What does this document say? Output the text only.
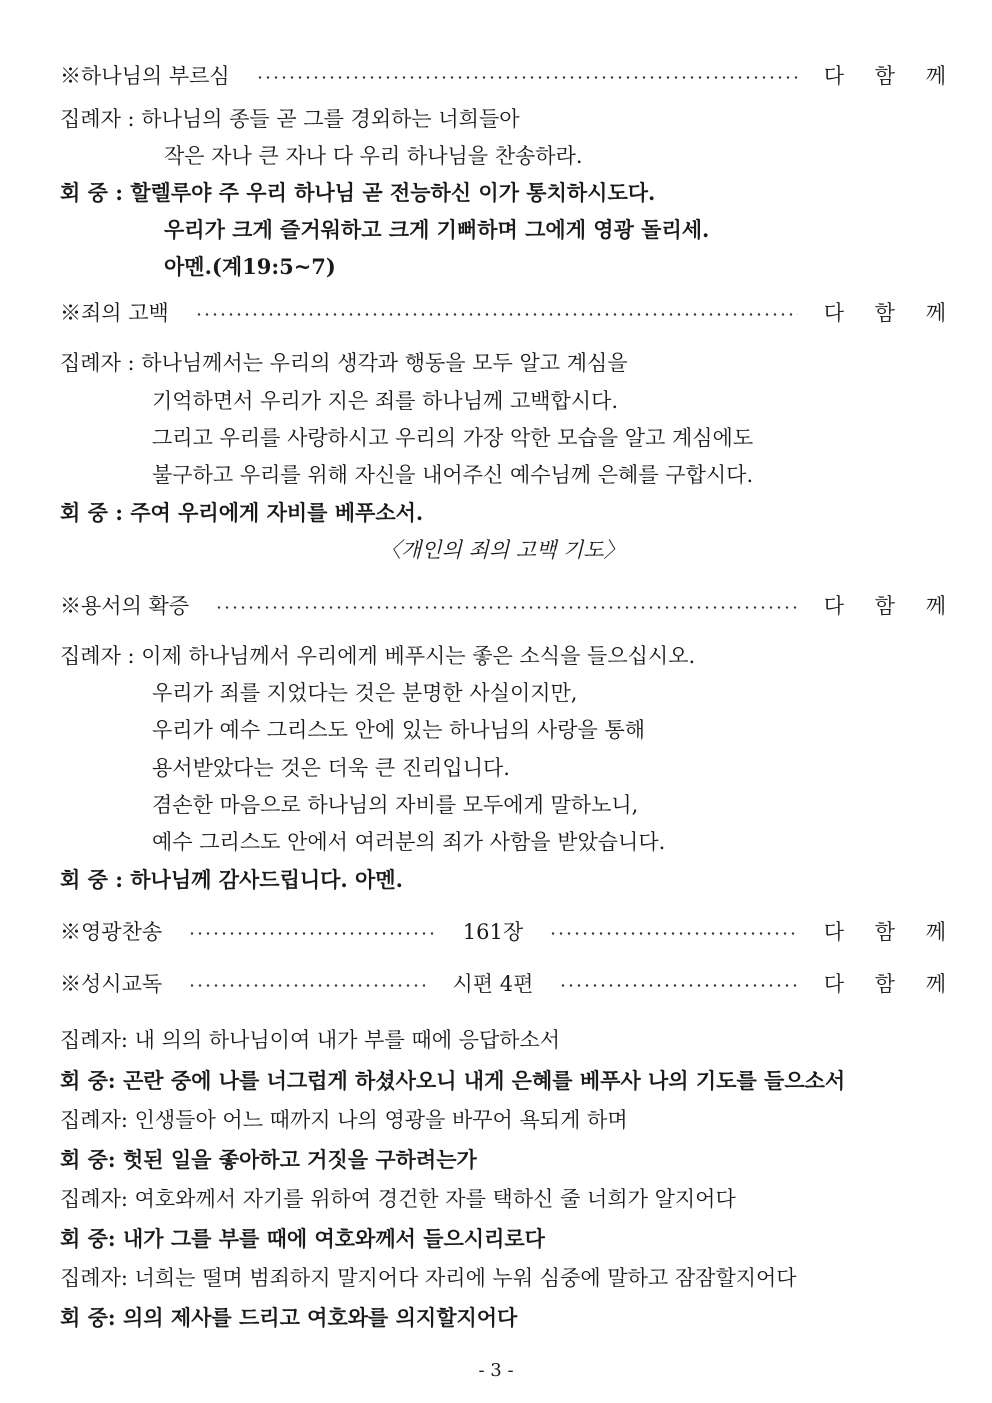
※하나님의 부르심	다 함 께
집례자 : 하나님의 종들 곧 그를 경외하는 너희들아
작은 자나 큰 자나 다 우리 하나님을 찬송하라.
회 중 : 할렐루야 주 우리 하나님 곧 전능하신 이가 통치하시도다.
우리가 크게 즐거워하고 크게 기뻐하며 그에게 영광 돌리세.
아멘.(계19:5~7)
※죄의 고백	다 함 께
집례자 : 하나님께서는 우리의 생각과 행동을 모두 알고 계심을
기억하면서 우리가 지은 죄를 하나님께 고백합시다.
그리고 우리를 사랑하시고 우리의 가장 악한 모습을 알고 계심에도
불구하고 우리를 위해 자신을 내어주신 예수님께 은혜를 구합시다.
회 중 : 주여 우리에게 자비를 베푸소서.
〈개인의 죄의 고백 기도〉
※용서의 확증	다 함 께
집례자 : 이제 하나님께서 우리에게 베푸시는 좋은 소식을 들으십시오.
우리가 죄를 지었다는 것은 분명한 사실이지만,
우리가 예수 그리스도 안에 있는 하나님의 사랑을 통해
용서받았다는 것은 더욱 큰 진리입니다.
겸손한 마음으로 하나님의 자비를 모두에게 말하노니,
예수 그리스도 안에서 여러분의 죄가 사함을 받았습니다.
회 중 : 하나님께 감사드립니다. 아멘.
※영광찬송	161장	다 함 께
※성시교독	시편 4편	다 함 께
집례자: 내 의의 하나님이여 내가 부를 때에 응답하소서
회 중: 곤란 중에 나를 너그럽게 하셨사오니 내게 은혜를 베푸사 나의 기도를 들으소서
집례자: 인생들아 어느 때까지 나의 영광을 바꾸어 욕되게 하며
회 중: 헛된 일을 좋아하고 거짓을 구하려는가
집례자: 여호와께서 자기를 위하여 경건한 자를 택하신 줄 너희가 알지어다
회 중: 내가 그를 부를 때에 여호와께서 들으시리로다
집례자: 너희는 떨며 범죄하지 말지어다 자리에 누워 심중에 말하고 잠잠할지어다
회 중: 의의 제사를 드리고 여호와를 의지할지어다
- 3 -
